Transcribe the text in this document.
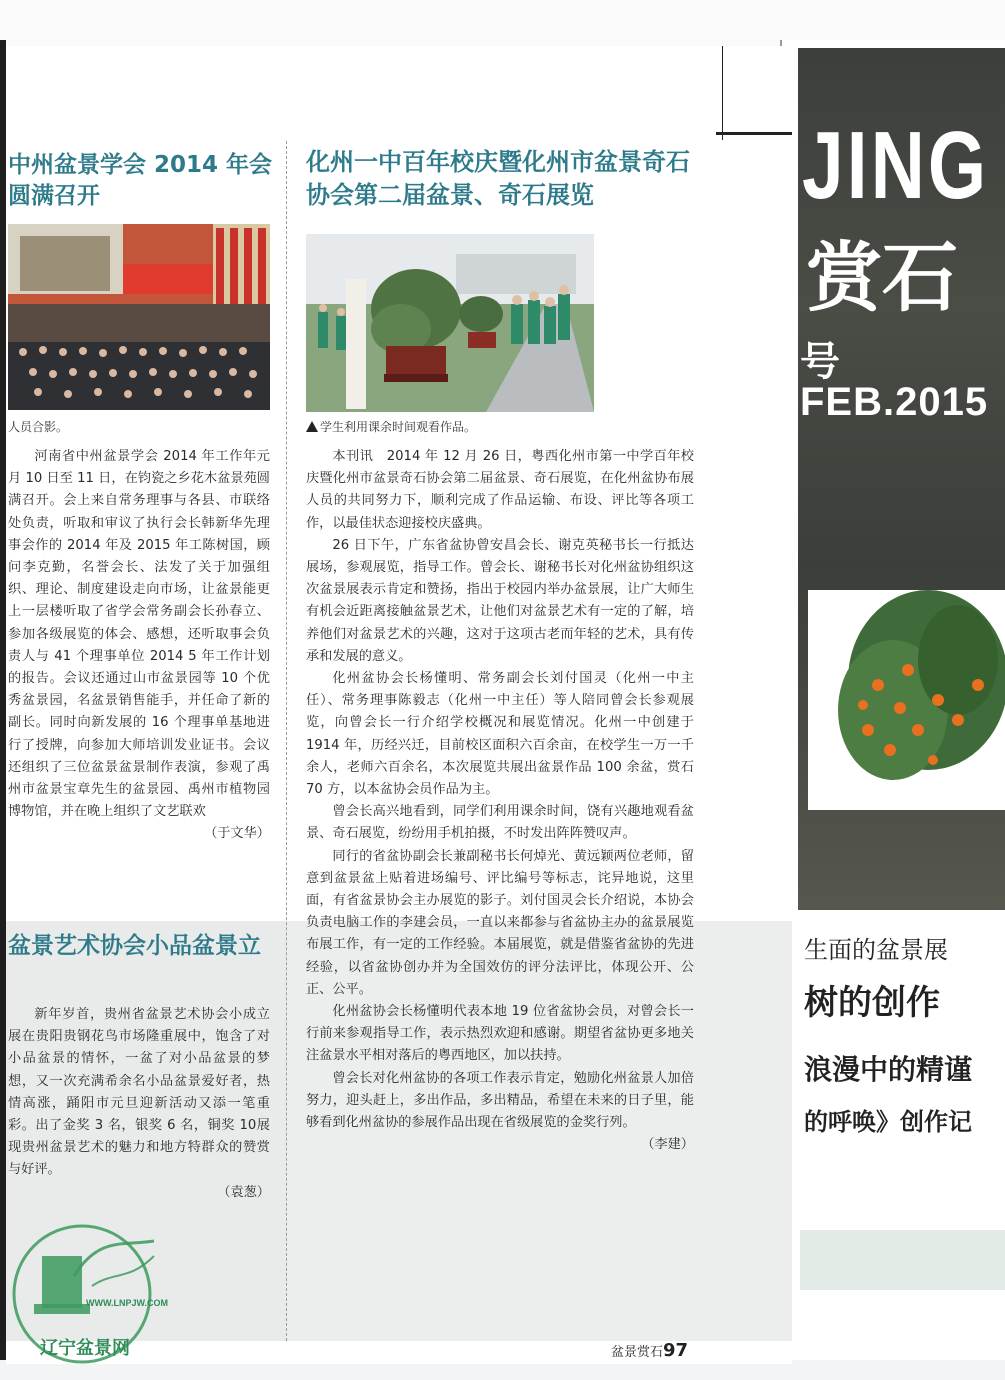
JING
赏石
号FEB.2015
生面的盆景展
树的创作
浪漫中的精谨
的呼唤》创作记
中州盆景学会 2014 年会圆满召开
人员合影。

河南省中州盆景学会 2014 年工作年元月 10 日至 11 日，在钧瓷之乡花木盆景苑圆满召开。会上来自常务理事与各县、市联络处负责，听取和审议了执行会长韩新华先理事会作的 2014 年及 2015 年工陈树国，顾问李克勤，名誉会长、法发了关于加强组织、理论、制度建设走向市场，让盆景能更上一层楼听取了省学会常务副会长孙春立、参加各级展览的体会、感想，还听取事会负责人与 41 个理事单位 2014 5 年工作计划的报告。会议还通过山市盆景园等 10 个优秀盆景园，名盆景销售能手，并任命了新的副长。同时向新发展的 16 个理事单基地进行了授牌，向参加大师培训发业证书。会议还组织了三位盆景盆景制作表演，参观了禹州市盆景宝章先生的盆景园、禹州市植物园博物馆，并在晚上组织了文艺联欢

（于文华）

盆景艺术协会小品盆景立

新年岁首，贵州省盆景艺术协会小成立展在贵阳贵钢花鸟市场隆重展中，饱含了对小品盆景的情怀，一盆了对小品盆景的梦想，又一次充满希余名小品盆景爱好者，热情高涨，踊阳市元旦迎新活动又添一笔重彩。出了金奖 3 名，银奖 6 名，铜奖 10展现贵州盆景艺术的魅力和地方特群众的赞赏与好评。

（袁葱）

化州一中百年校庆暨化州市盆景奇石协会第二届盆景、奇石展览
学生利用课余时间观看作品。

本刊讯　2014 年 12 月 26 日，粤西化州市第一中学百年校庆暨化州市盆景奇石协会第二届盆景、奇石展览，在化州盆协布展人员的共同努力下，顺利完成了作品运输、布设、评比等各项工作，以最佳状态迎接校庆盛典。

26 日下午，广东省盆协曾安昌会长、谢克英秘书长一行抵达展场，参观展览，指导工作。曾会长、谢秘书长对化州盆协组织这次盆景展表示肯定和赞扬，指出于校园内举办盆景展，让广大师生有机会近距离接触盆景艺术，让他们对盆景艺术有一定的了解，培养他们对盆景艺术的兴趣，这对于这项古老而年轻的艺术，具有传承和发展的意义。

化州盆协会长杨懂明、常务副会长刘付国灵（化州一中主任）、常务理事陈毅志（化州一中主任）等人陪同曾会长参观展览，向曾会长一行介绍学校概况和展览情况。化州一中创建于 1914 年，历经兴迁，目前校区面积六百余亩，在校学生一万一千余人，老师六百余名，本次展览共展出盆景作品 100 余盆，赏石 70 方，以本盆协会员作品为主。

曾会长高兴地看到，同学们利用课余时间，饶有兴趣地观看盆景、奇石展览，纷纷用手机拍摄，不时发出阵阵赞叹声。

同行的省盆协副会长兼副秘书长何焯光、黄远颖两位老师，留意到盆景盆上贴着进场编号、评比编号等标志，诧异地说，这里面，有省盆景协会主办展览的影子。刘付国灵会长介绍说，本协会负责电脑工作的李建会员，一直以来都参与省盆协主办的盆景展览布展工作，有一定的工作经验。本届展览，就是借鉴省盆协的先进经验，以省盆协创办并为全国效仿的评分法评比，体现公开、公正、公平。

化州盆协会长杨懂明代表本地 19 位省盆协会员，对曾会长一行前来参观指导工作，表示热烈欢迎和感谢。期望省盆协更多地关注盆景水平相对落后的粤西地区，加以扶持。

曾会长对化州盆协的各项工作表示肯定，勉励化州盆景人加倍努力，迎头赶上，多出作品，多出精品，希望在未来的日子里，能够看到化州盆协的参展作品出现在省级展览的金奖行列。

（李建）

盆景赏石97
WWW.LNPJW.COM
辽宁盆景网
